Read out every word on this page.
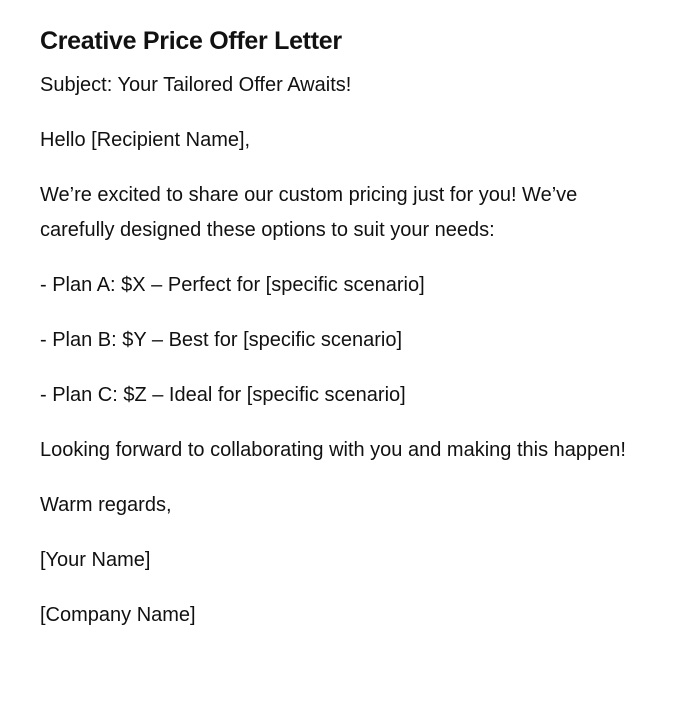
Creative Price Offer Letter

Subject: Your Tailored Offer Awaits!

Hello [Recipient Name],

We’re excited to share our custom pricing just for you! We’ve carefully designed these options to suit your needs:

- Plan A: $X – Perfect for [specific scenario]

- Plan B: $Y – Best for [specific scenario]

- Plan C: $Z – Ideal for [specific scenario]

Looking forward to collaborating with you and making this happen!

Warm regards,

[Your Name]

[Company Name]
